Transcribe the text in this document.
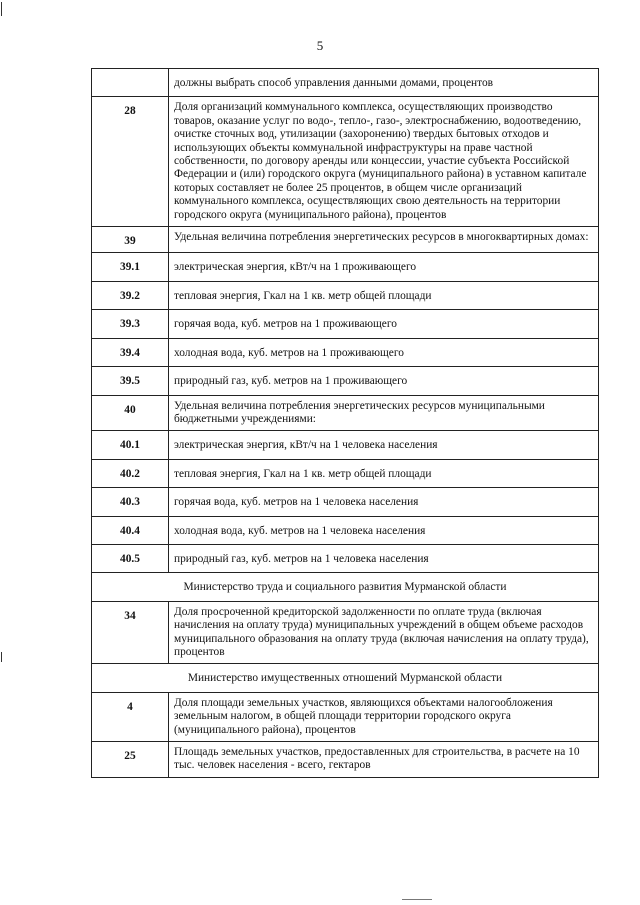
5
	должны выбрать способ управления данными домами, процентов
28	Доля организаций коммунального комплекса, осуществляющих производство товаров, оказание услуг по водо-, тепло-, газо-, электроснабжению, водоотведению, очистке сточных вод, утилизации (захоронению) твердых бытовых отходов и использующих объекты коммунальной инфраструктуры на праве частной собственности, по договору аренды или концессии, участие субъекта Российской Федерации и (или) городского округа (муниципального района) в уставном капитале которых составляет не более 25 процентов, в общем числе организаций коммунального комплекса, осуществляющих свою деятельность на территории городского округа (муниципального района), процентов
39	Удельная величина потребления энергетических ресурсов в многоквартирных домах:
39.1	электрическая энергия, кВт/ч на 1 проживающего
39.2	тепловая энергия, Гкал на 1 кв. метр общей площади
39.3	горячая вода, куб. метров на 1 проживающего
39.4	холодная вода, куб. метров на 1 проживающего
39.5	природный газ, куб. метров на 1 проживающего
40	Удельная величина потребления энергетических ресурсов муниципальными бюджетными учреждениями:
40.1	электрическая энергия, кВт/ч на 1 человека населения
40.2	тепловая энергия, Гкал на 1 кв. метр общей площади
40.3	горячая вода, куб. метров на 1 человека населения
40.4	холодная вода, куб. метров на 1 человека населения
40.5	природный газ, куб. метров на 1 человека населения
Министерство труда и социального развития Мурманской области	
34	Доля просроченной кредиторской задолженности по оплате труда (включая начисления на оплату труда) муниципальных учреждений в общем объеме расходов муниципального образования на оплату труда (включая начисления на оплату труда), процентов
Министерство имущественных отношений Мурманской области	
4	Доля площади земельных участков, являющихся объектами налогообложения земельным налогом, в общей площади территории городского округа (муниципального района), процентов
25	Площадь земельных участков, предоставленных для строительства, в расчете на 10 тыс. человек населения - всего, гектаров
